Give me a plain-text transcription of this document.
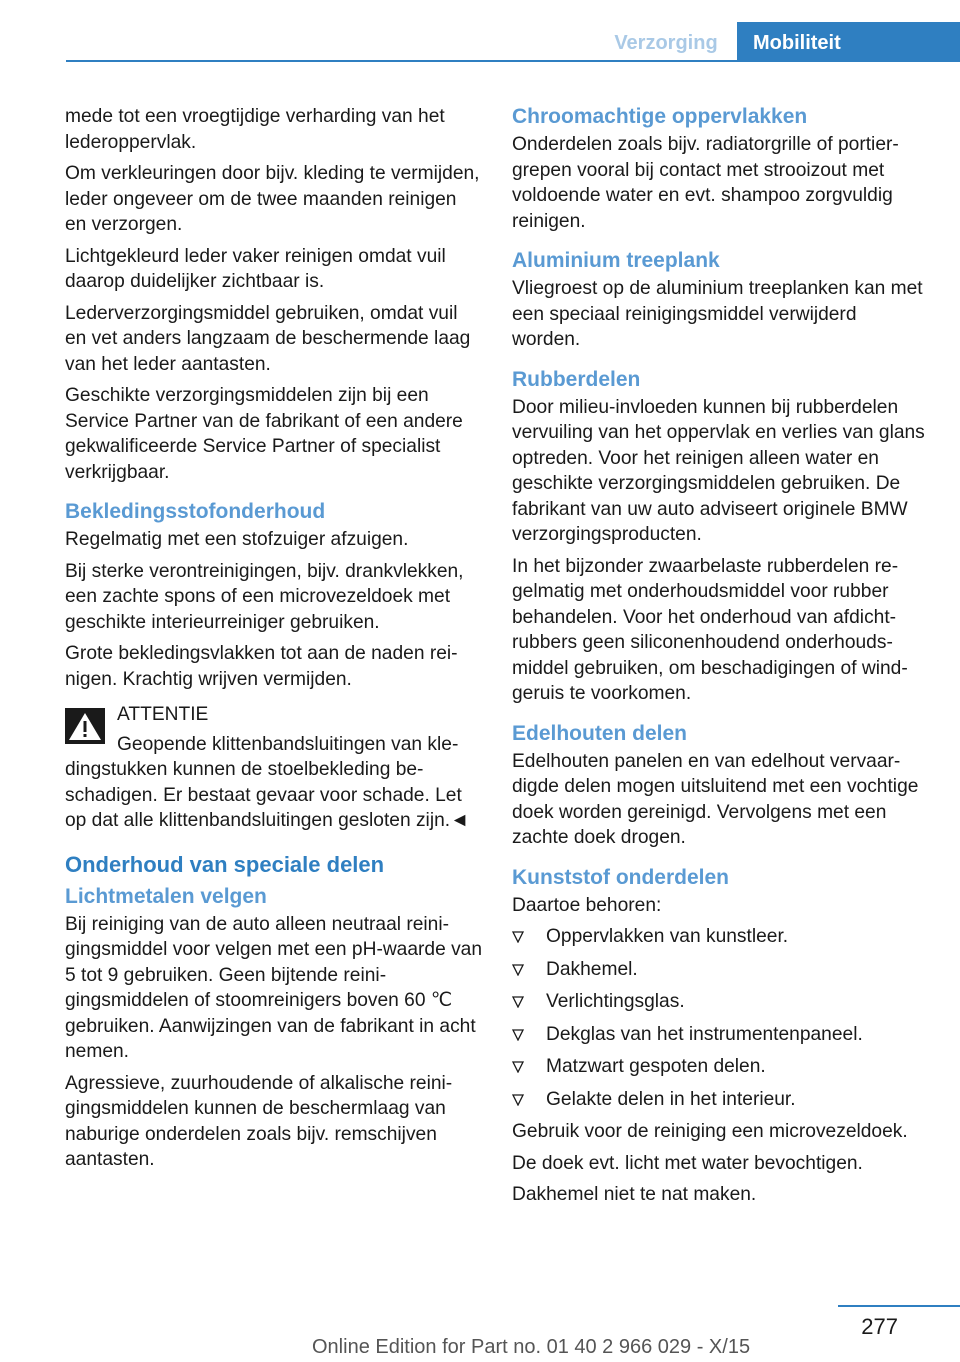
Verzorging	Mobiliteit

mede tot een vroegtijdige verharding van het lederoppervlak.

Om verkleuringen door bijv. kleding te vermijden, leder ongeveer om de twee maanden reinigen en verzorgen.

Lichtgekleurd leder vaker reinigen omdat vuil daarop duidelijker zichtbaar is.

Lederverzorgingsmiddel gebruiken, omdat vuil en vet anders langzaam de beschermende laag van het leder aantasten.

Geschikte verzorgingsmiddelen zijn bij een Service Partner van de fabrikant of een andere gekwalificeerde Service Partner of specialist verkrijgbaar.

Bekledingsstofonderhoud

Regelmatig met een stofzuiger afzuigen.

Bij sterke verontreinigingen, bijv. drankvlekken, een zachte spons of een microvezeldoek met geschikte interieurreiniger gebruiken.

Grote bekledingsvlakken tot aan de naden reinigen. Krachtig wrijven vermijden.

ATTENTIE

Geopende klittenbandsluitingen van kledingstukken kunnen de stoelbekleding beschadigen. Er bestaat gevaar voor schade. Let op dat alle klittenbandsluitingen gesloten zijn.◄

Onderhoud van speciale delen
Lichtmetalen velgen

Bij reiniging van de auto alleen neutraal reinigingsmiddel voor velgen met een pH-waarde van 5 tot 9 gebruiken. Geen bijtende reinigingsmiddelen of stoomreinigers boven 60 ℃ gebruiken. Aanwijzingen van de fabrikant in acht nemen.

Agressieve, zuurhoudende of alkalische reinigingsmiddelen kunnen de beschermlaag van naburige onderdelen zoals bijv. remschijven aantasten.

Chroomachtige oppervlakken

Onderdelen zoals bijv. radiatorgrille of portiergrepen vooral bij contact met strooizout met voldoende water en evt. shampoo zorgvuldig reinigen.

Aluminium treeplank

Vliegroest op de aluminium treeplanken kan met een speciaal reinigingsmiddel verwijderd worden.

Rubberdelen

Door milieu-invloeden kunnen bij rubberdelen vervuiling van het oppervlak en verlies van glans optreden. Voor het reinigen alleen water en geschikte verzorgingsmiddelen gebruiken. De fabrikant van uw auto adviseert originele BMW verzorgingsproducten.

In het bijzonder zwaarbelaste rubberdelen regelmatig met onderhoudsmiddel voor rubber behandelen. Voor het onderhoud van afdichtrubbers geen siliconenhoudend onderhoudsmiddel gebruiken, om beschadigingen of windgeruis te voorkomen.

Edelhouten delen

Edelhouten panelen en van edelhout vervaardigde delen mogen uitsluitend met een vochtige doek worden gereinigd. Vervolgens met een zachte doek drogen.

Kunststof onderdelen

Daartoe behoren:

Oppervlakken van kunstleer.
Dakhemel.
Verlichtingsglas.
Dekglas van het instrumentenpaneel.
Matzwart gespoten delen.
Gelakte delen in het interieur.

Gebruik voor de reiniging een microvezeldoek.

De doek evt. licht met water bevochtigen.

Dakhemel niet te nat maken.

277
Online Edition for Part no. 01 40 2 966 029 - X/15
